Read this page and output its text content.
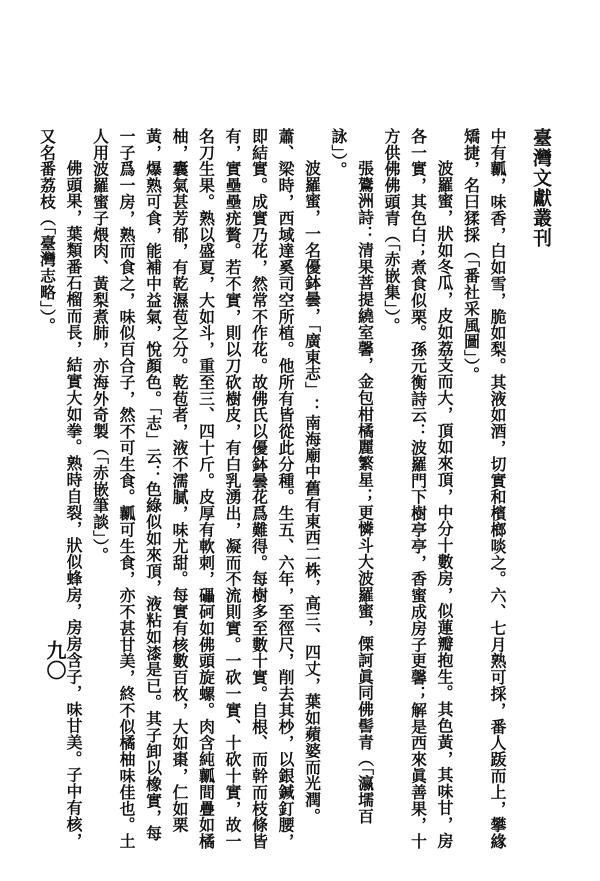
臺灣文獻叢刊
九〇	中有瓤，味香，白如雪，脆如梨。其液如酒，切實和檳榔啖之。六、七月熟可採，番人䟦而上，攀緣矯捷，名曰猱採（「番社采風圖」）。

波羅蜜，狀如冬瓜，皮如荔支而大，頂如來頂，中分十數房，似蓮瓣抱生。其色黃，其味甘，房各一實，其色白；煮食似栗。孫元衡詩云：波羅門下樹亭亭，香蜜成房子更馨；解是西來眞善果，十方供佛佛頭青（「赤嵌集」）。

張鷟洲詩：清果菩提繞室馨，金包柑橘麗繁星；更憐斗大波羅蜜，傈訶眞同佛髻青（「瀛壖百詠」）。

波羅蜜，一名優鉢曇，「廣東志」：南海廟中舊有東西二株，高三、四丈，葉如蘋婆而光潤。蕭、梁時，西域達奚司空所植。他所有皆從此分種。生五、六年，至徑尺，削去其杪，以銀鍼釘腰，即結實。成實乃花，然常不作花。故佛氏以優鉢曇花爲難得。每樹多至數十實。自根、而幹而枝條皆有，實壘壘疣贅。若不實，則以刀砍樹皮，有白乳湧出，凝而不流則實。一砍一實、十砍十實，故一名刀生果。熟以盛夏，大如斗，重至三、四十斤。皮厚有軟刺，礧砢如佛頭旋螺。肉含純瓤間疊如橘柚，囊氣甚芳郁，有乾濕苞之分。乾苞者，液不濡膩，味尤甜。每實有核數百枚，大如棗，仁如栗黃，爆熟可食，能補中益氣，悅顏色。「志」云：色綠似如來頂，液粘如漆是已。其子卸以橡實，每一子爲一房，熟而食之，味似百合子，然不可生食。瓤可生食，亦不甚甘美，終不似橘柚味佳也。土人用波羅蜜子煨肉、黃梨煮肺，亦海外奇製（「赤嵌筆談」）。

佛頭果，葉類番石榴而長，結實大如拳。熟時自裂，狀似蜂房，房房含子，味甘美。子中有核，又名番荔枝（「臺灣志略」）。
